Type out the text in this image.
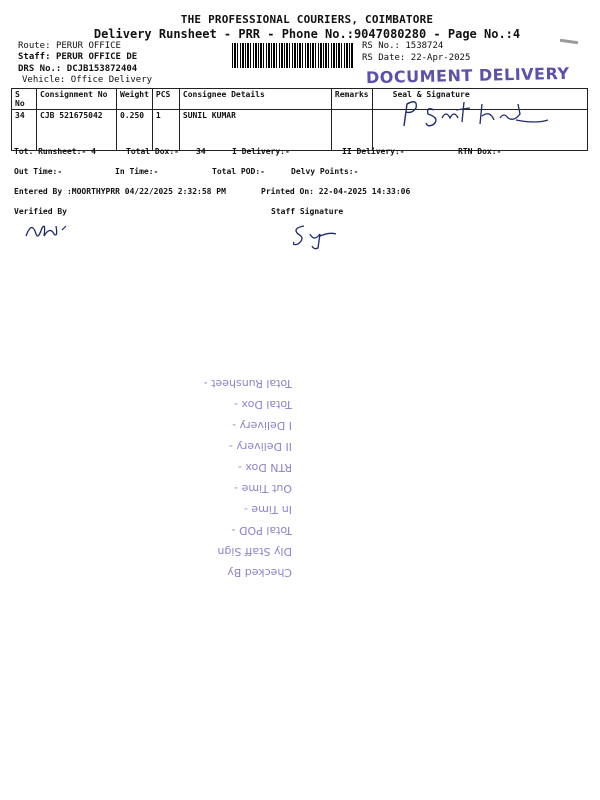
THE PROFESSIONAL COURIERS, COIMBATORE
Delivery Runsheet - PRR - Phone No.:9047080280 - Page No.:4
Route: PERUR OFFICE
Staff: PERUR OFFICE DE
DRS No.: DCJB153872404
Vehicle: Office Delivery
RS No.: 1538724
RS Date: 22-Apr-2025
DOCUMENT DELIVERY
S No	Consignment No	Weight	PCS	Consignee Details	Remarks	Seal & Signature
34	CJB 521675042	0.250	1	SUNIL KUMAR		
Tot. Runsheet:- 4	Total Dox:- 34	I Delivery:-	II Delivery:-	RTN Dox:-
Out Time:-	In Time:-	Total POD:-	Delvy Points:-
Entered By :MOORTHYPRR 04/22/2025 2:32:58 PM	Printed On: 22-04-2025 14:33:06
Verified By	Staff Signature
Checked By
Dly Staff Sign
Total POD -
In Time -
Out Time -
RTN Dox -
II Delivery -
I Delivery -
Total Dox -
Total Runsheet -
